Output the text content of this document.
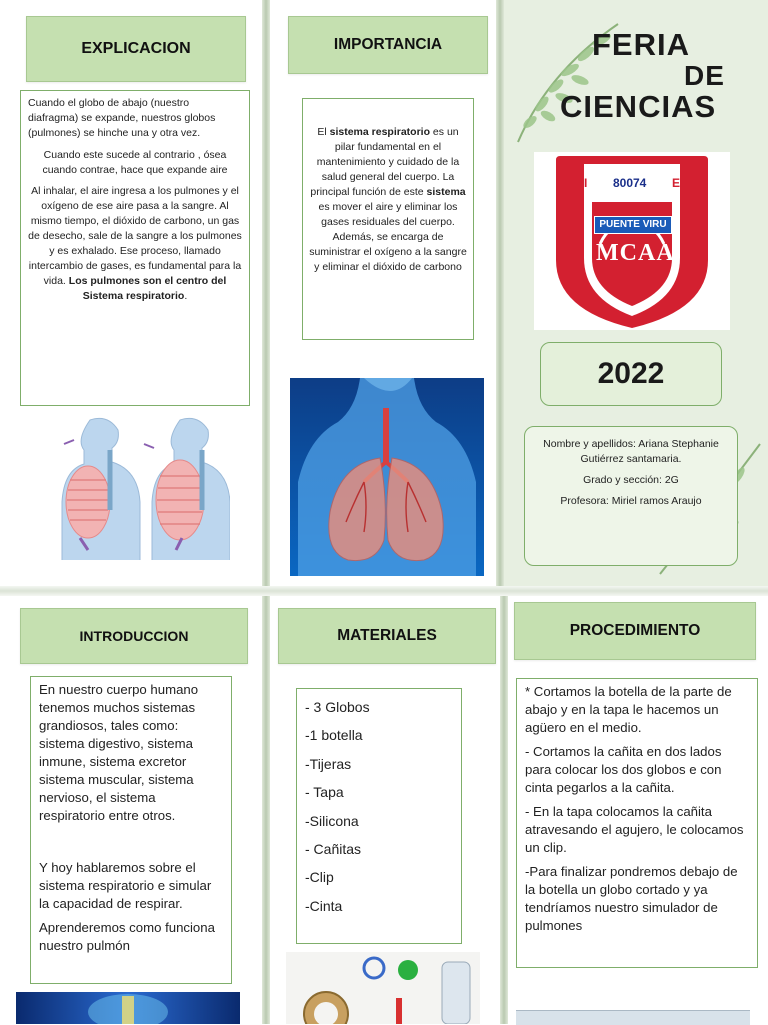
EXPLICACION

Cuando el globo de abajo (nuestro diafragma) se expande, nuestros globos (pulmones) se hinche una y otra vez.

Cuando este sucede al contrario , ósea cuando contrae, hace que expande aire

Al inhalar, el aire ingresa a los pulmones y el oxígeno de ese aire pasa a la sangre. Al mismo tiempo, el dióxido de carbono, un gas de desecho, sale de la sangre a los pulmones y es exhalado. Ese proceso, llamado intercambio de gases, es fundamental para la vida. Los pulmones son el centro del Sistema respiratorio.

IMPORTANCIA

El sistema respiratorio es un pilar fundamental en el mantenimiento y cuidado de la salud general del cuerpo. La principal función de este sistema es mover el aire y eliminar los gases residuales del cuerpo. Además, se encarga de suministrar el oxígeno a la sangre y eliminar el dióxido de carbono

FERIA
DE
CIENCIAS
I 80074 E
PUENTE VIRU
MCAA
2022

Nombre y apellidos: Ariana Stephanie Gutiérrez santamaria.

Grado y sección: 2G

Profesora: Miriel ramos Araujo

INTRODUCCION

En nuestro cuerpo humano tenemos muchos sistemas grandiosos, tales como: sistema digestivo, sistema inmune, sistema excretor sistema muscular, sistema nervioso, el sistema respiratorio entre otros.

Y hoy hablaremos sobre el sistema respiratorio e simular la capacidad de respirar.

Aprenderemos como funciona nuestro pulmón

MATERIALES
- 3 Globos
-1 botella
-Tijeras
- Tapa
-Silicona
- Cañitas
-Clip
-Cinta
PROCEDIMIENTO

* Cortamos la botella de la parte de abajo y en la tapa le hacemos un agüero en el medio.

- Cortamos la cañita en dos lados para colocar los dos globos e con cinta pegarlos a la cañita.

- En la tapa colocamos la cañita atravesando el agujero, le colocamos un clip.

-Para finalizar pondremos debajo de la botella un globo cortado y ya tendríamos nuestro simulador de pulmones
